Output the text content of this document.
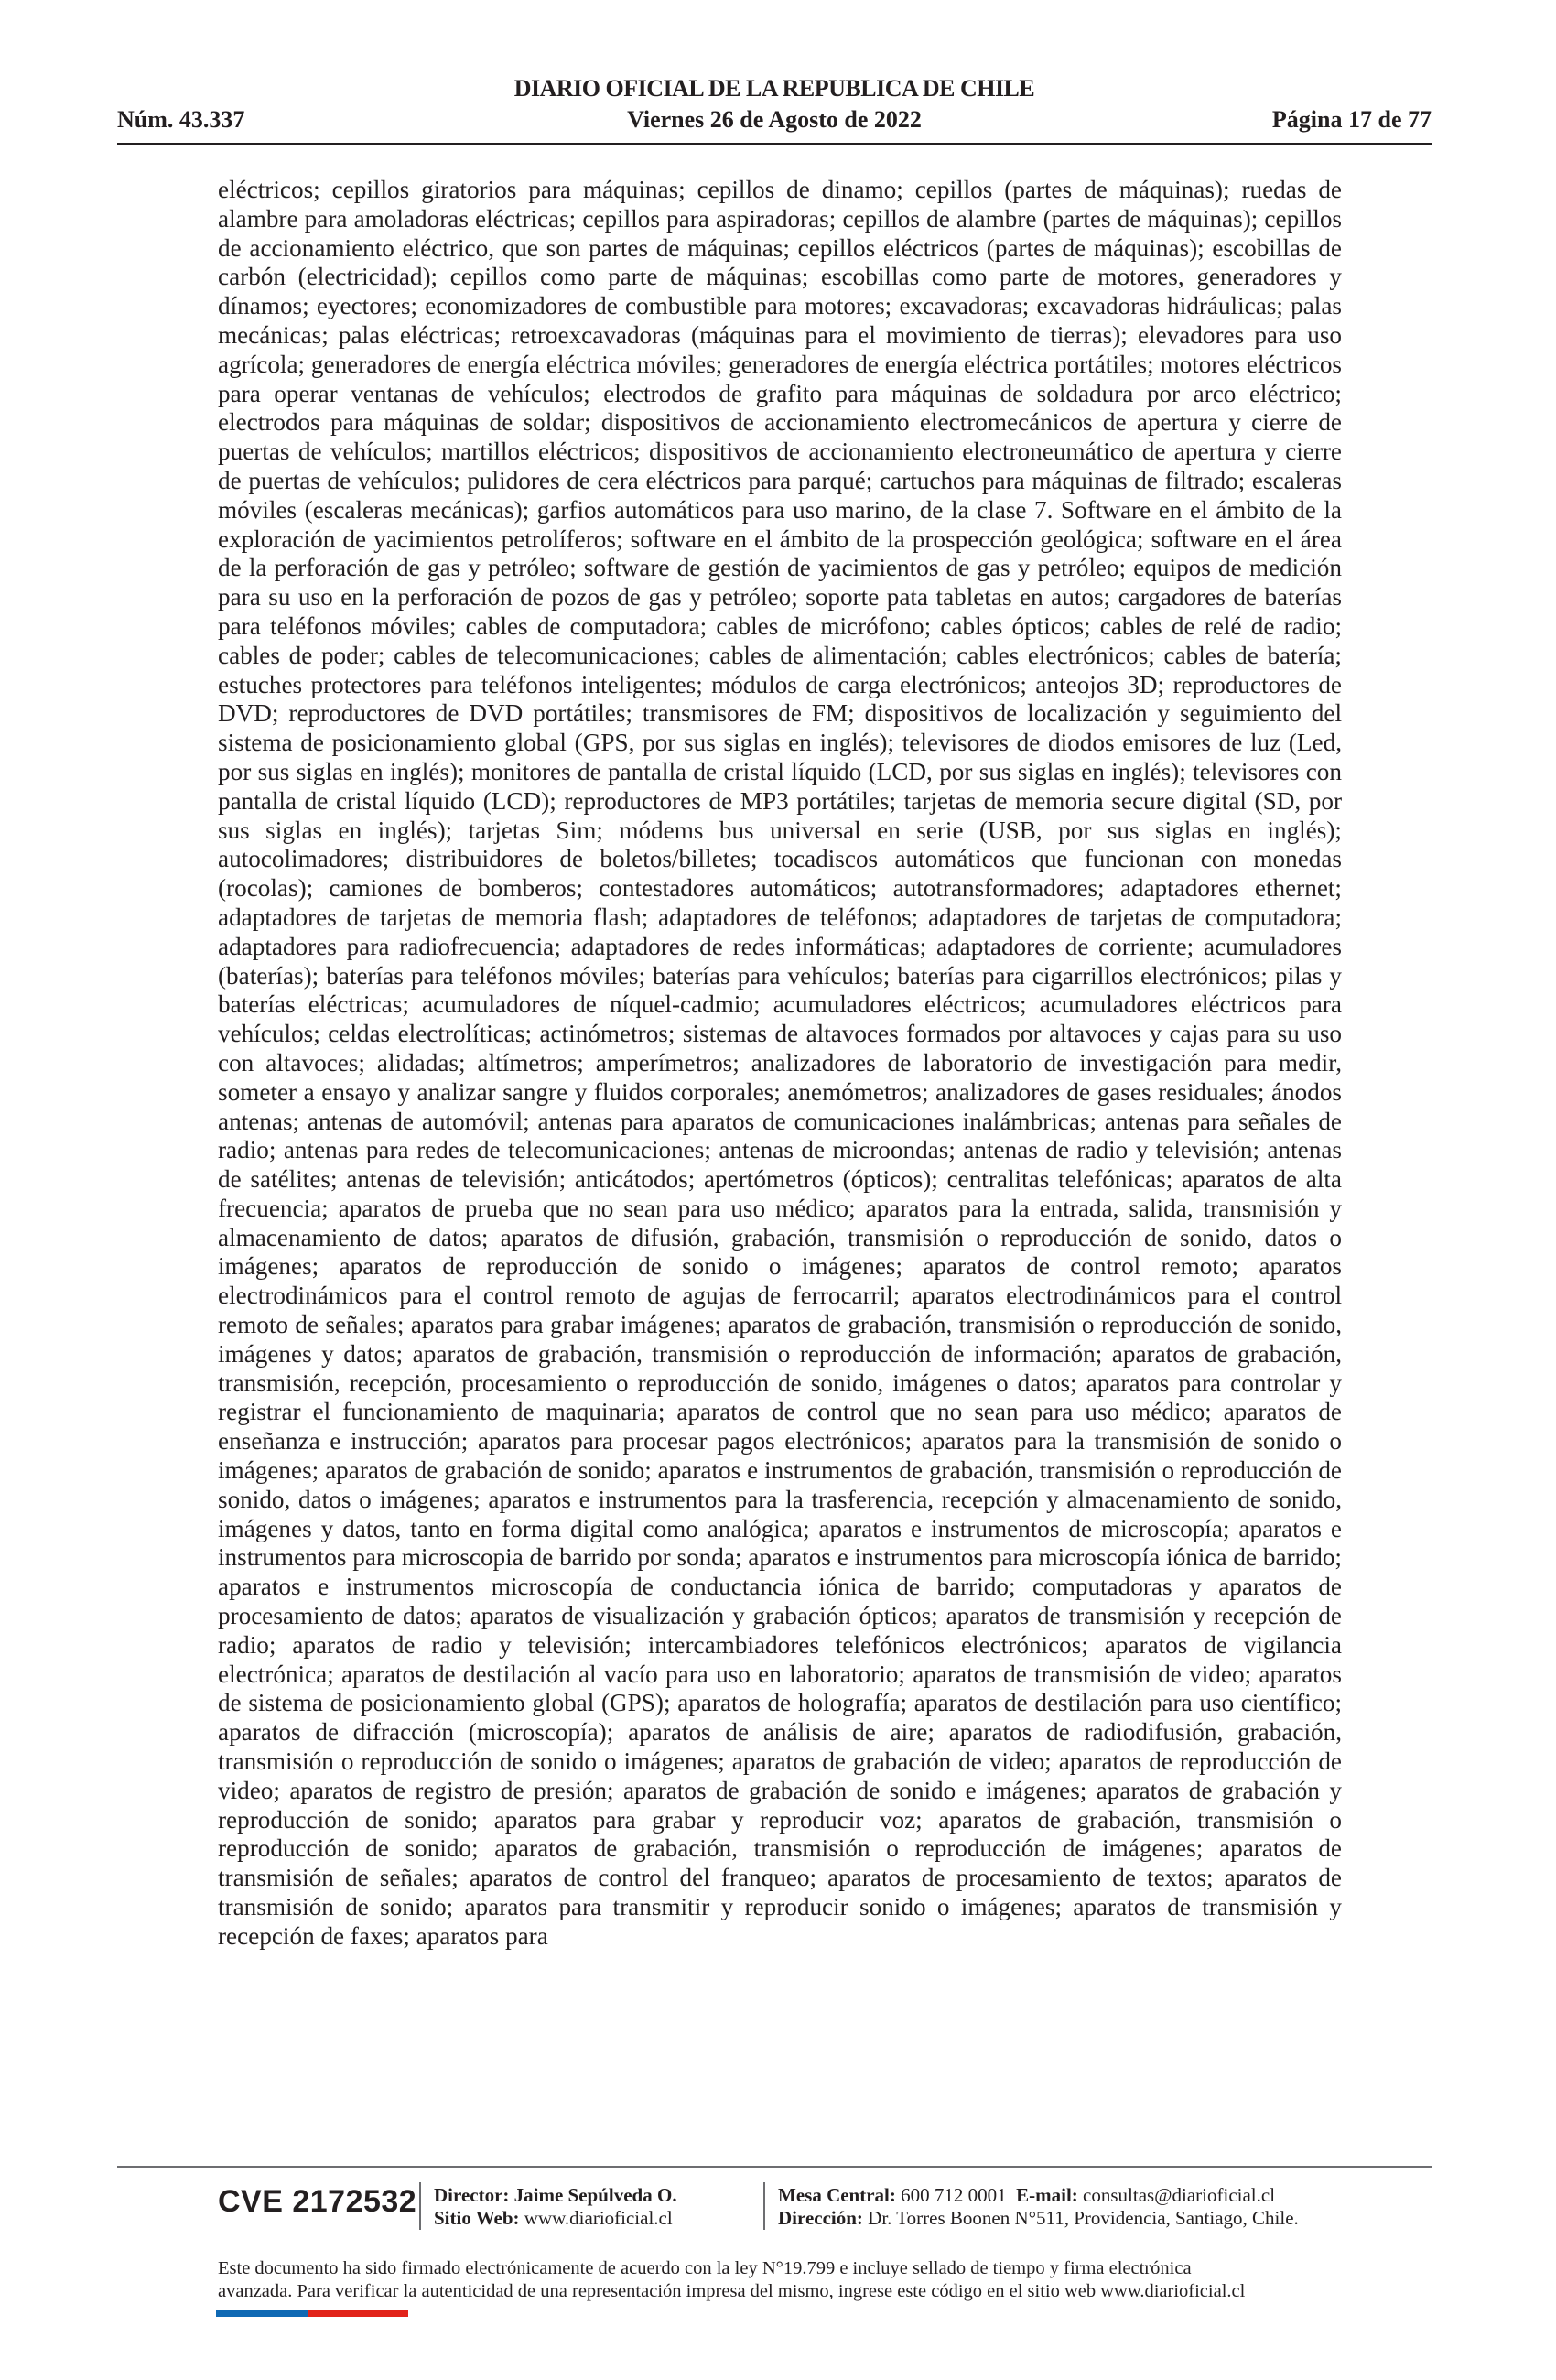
DIARIO OFICIAL DE LA REPUBLICA DE CHILE
Núm. 43.337	Viernes 26 de Agosto de 2022	Página 17 de 77

eléctricos; cepillos giratorios para máquinas; cepillos de dinamo; cepillos (partes de máquinas); ruedas de alambre para amoladoras eléctricas; cepillos para aspiradoras; cepillos de alambre (partes de máquinas); cepillos de accionamiento eléctrico, que son partes de máquinas; cepillos eléctricos (partes de máquinas); escobillas de carbón (electricidad); cepillos como parte de máquinas; escobillas como parte de motores, generadores y dínamos; eyectores; economizadores de combustible para motores; excavadoras; excavadoras hidráulicas; palas mecánicas; palas eléctricas; retroexcavadoras (máquinas para el movimiento de tierras); elevadores para uso agrícola; generadores de energía eléctrica móviles; generadores de energía eléctrica portátiles; motores eléctricos para operar ventanas de vehículos; electrodos de grafito para máquinas de soldadura por arco eléctrico; electrodos para máquinas de soldar; dispositivos de accionamiento electromecánicos de apertura y cierre de puertas de vehículos; martillos eléctricos; dispositivos de accionamiento electroneumático de apertura y cierre de puertas de vehículos; pulidores de cera eléctricos para parqué; cartuchos para máquinas de filtrado; escaleras móviles (escaleras mecánicas); garfios automáticos para uso marino, de la clase 7. Software en el ámbito de la exploración de yacimientos petrolíferos; software en el ámbito de la prospección geológica; software en el área de la perforación de gas y petróleo; software de gestión de yacimientos de gas y petróleo; equipos de medición para su uso en la perforación de pozos de gas y petróleo; soporte pata tabletas en autos; cargadores de baterías para teléfonos móviles; cables de computadora; cables de micrófono; cables ópticos; cables de relé de radio; cables de poder; cables de telecomunicaciones; cables de alimentación; cables electrónicos; cables de batería; estuches protectores para teléfonos inteligentes; módulos de carga electrónicos; anteojos 3D; reproductores de DVD; reproductores de DVD portátiles; transmisores de FM; dispositivos de localización y seguimiento del sistema de posicionamiento global (GPS, por sus siglas en inglés); televisores de diodos emisores de luz (Led, por sus siglas en inglés); monitores de pantalla de cristal líquido (LCD, por sus siglas en inglés); televisores con pantalla de cristal líquido (LCD); reproductores de MP3 portátiles; tarjetas de memoria secure digital (SD, por sus siglas en inglés); tarjetas Sim; módems bus universal en serie (USB, por sus siglas en inglés); autocolimadores; distribuidores de boletos/billetes; tocadiscos automáticos que funcionan con monedas (rocolas); camiones de bomberos; contestadores automáticos; autotransformadores; adaptadores ethernet; adaptadores de tarjetas de memoria flash; adaptadores de teléfonos; adaptadores de tarjetas de computadora; adaptadores para radiofrecuencia; adaptadores de redes informáticas; adaptadores de corriente; acumuladores (baterías); baterías para teléfonos móviles; baterías para vehículos; baterías para cigarrillos electrónicos; pilas y baterías eléctricas; acumuladores de níquel-cadmio; acumuladores eléctricos; acumuladores eléctricos para vehículos; celdas electrolíticas; actinómetros; sistemas de altavoces formados por altavoces y cajas para su uso con altavoces; alidadas; altímetros; amperímetros; analizadores de laboratorio de investigación para medir, someter a ensayo y analizar sangre y fluidos corporales; anemómetros; analizadores de gases residuales; ánodos antenas; antenas de automóvil; antenas para aparatos de comunicaciones inalámbricas; antenas para señales de radio; antenas para redes de telecomunicaciones; antenas de microondas; antenas de radio y televisión; antenas de satélites; antenas de televisión; anticátodos; apertómetros (ópticos); centralitas telefónicas; aparatos de alta frecuencia; aparatos de prueba que no sean para uso médico; aparatos para la entrada, salida, transmisión y almacenamiento de datos; aparatos de difusión, grabación, transmisión o reproducción de sonido, datos o imágenes; aparatos de reproducción de sonido o imágenes; aparatos de control remoto; aparatos electrodinámicos para el control remoto de agujas de ferrocarril; aparatos electrodinámicos para el control remoto de señales; aparatos para grabar imágenes; aparatos de grabación, transmisión o reproducción de sonido, imágenes y datos; aparatos de grabación, transmisión o reproducción de información; aparatos de grabación, transmisión, recepción, procesamiento o reproducción de sonido, imágenes o datos; aparatos para controlar y registrar el funcionamiento de maquinaria; aparatos de control que no sean para uso médico; aparatos de enseñanza e instrucción; aparatos para procesar pagos electrónicos; aparatos para la transmisión de sonido o imágenes; aparatos de grabación de sonido; aparatos e instrumentos de grabación, transmisión o reproducción de sonido, datos o imágenes; aparatos e instrumentos para la trasferencia, recepción y almacenamiento de sonido, imágenes y datos, tanto en forma digital como analógica; aparatos e instrumentos de microscopía; aparatos e instrumentos para microscopia de barrido por sonda; aparatos e instrumentos para microscopía iónica de barrido; aparatos e instrumentos microscopía de conductancia iónica de barrido; computadoras y aparatos de procesamiento de datos; aparatos de visualización y grabación ópticos; aparatos de transmisión y recepción de radio; aparatos de radio y televisión; intercambiadores telefónicos electrónicos; aparatos de vigilancia electrónica; aparatos de destilación al vacío para uso en laboratorio; aparatos de transmisión de video; aparatos de sistema de posicionamiento global (GPS); aparatos de holografía; aparatos de destilación para uso científico; aparatos de difracción (microscopía); aparatos de análisis de aire; aparatos de radiodifusión, grabación, transmisión o reproducción de sonido o imágenes; aparatos de grabación de video; aparatos de reproducción de video; aparatos de registro de presión; aparatos de grabación de sonido e imágenes; aparatos de grabación y reproducción de sonido; aparatos para grabar y reproducir voz; aparatos de grabación, transmisión o reproducción de sonido; aparatos de grabación, transmisión o reproducción de imágenes; aparatos de transmisión de señales; aparatos de control del franqueo; aparatos de procesamiento de textos; aparatos de transmisión de sonido; aparatos para transmitir y reproducir sonido o imágenes; aparatos de transmisión y recepción de faxes; aparatos para

CVE 2172532 Director: Jaime Sepúlveda O.
Sitio Web: www.diarioficial.cl
Mesa Central: 600 712 0001 E-mail: consultas@diarioficial.cl
Dirección: Dr. Torres Boonen N°511, Providencia, Santiago, Chile.
Este documento ha sido firmado electrónicamente de acuerdo con la ley N°19.799 e incluye sellado de tiempo y firma electrónica
avanzada. Para verificar la autenticidad de una representación impresa del mismo, ingrese este código en el sitio web www.diarioficial.cl
